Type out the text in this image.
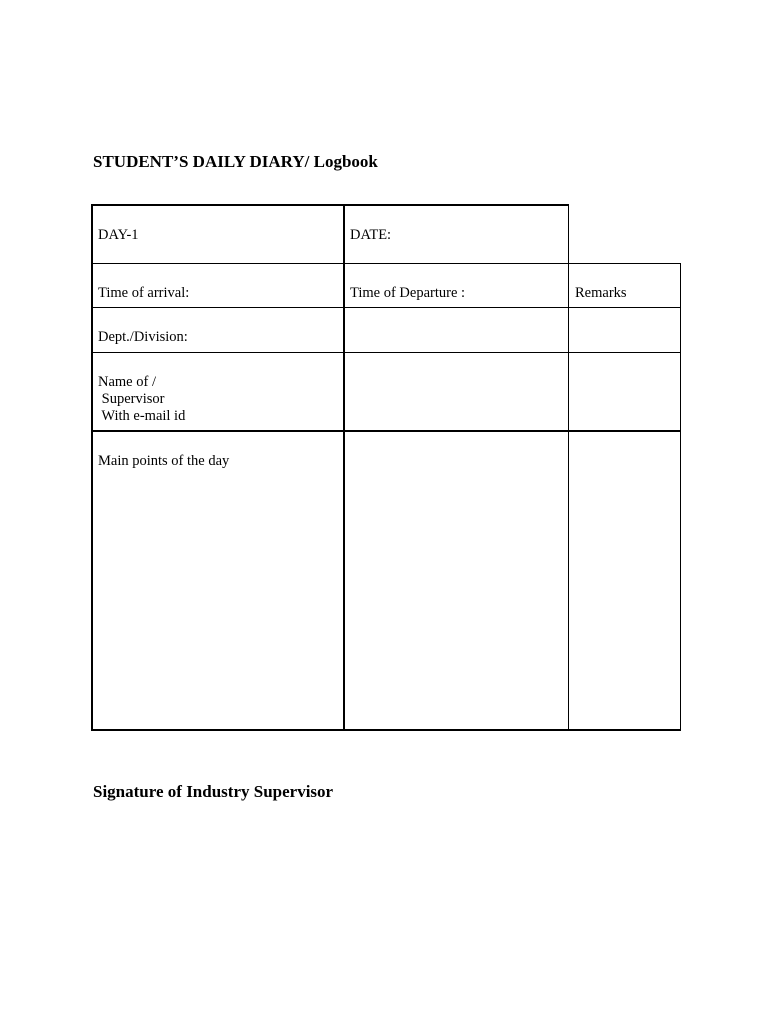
STUDENT’S DAILY DIARY/ Logbook
DAY-1	DATE:
Time of arrival:	Time of Departure :	Remarks
Dept./Division:
Name of /
Supervisor
With e-mail id
Main points of the day
Signature of Industry Supervisor
